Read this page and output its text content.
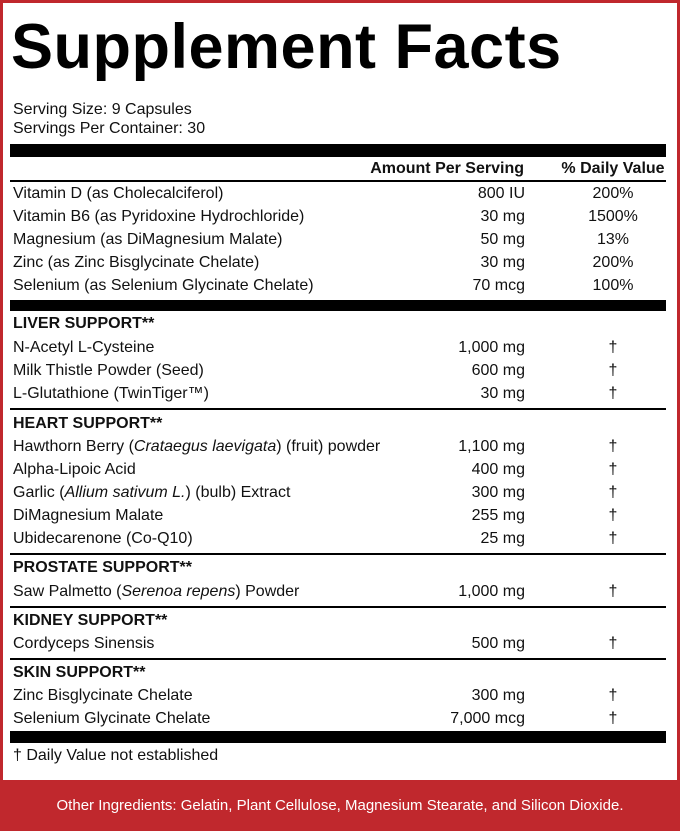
Supplement Facts
Serving Size: 9 Capsules
Servings Per Container: 30
Amount Per Serving	% Daily Value
Vitamin D (as Cholecalciferol)	800 IU	200%
Vitamin B6 (as Pyridoxine Hydrochloride)	30 mg	1500%
Magnesium (as DiMagnesium Malate)	50 mg	13%
Zinc (as Zinc Bisglycinate Chelate)	30 mg	200%
Selenium (as Selenium Glycinate Chelate)	70 mcg	100%
LIVER SUPPORT**
N-Acetyl L-Cysteine	1,000 mg	†
Milk Thistle Powder (Seed)	600 mg	†
L-Glutathione (TwinTiger™)	30 mg	†
HEART SUPPORT**
Hawthorn Berry (Crataegus laevigata) (fruit) powder	1,100 mg	†
Alpha-Lipoic Acid	400 mg	†
Garlic (Allium sativum L.) (bulb) Extract	300 mg	†
DiMagnesium Malate	255 mg	†
Ubidecarenone (Co-Q10)	25 mg	†
PROSTATE SUPPORT**
Saw Palmetto (Serenoa repens) Powder	1,000 mg	†
KIDNEY SUPPORT**
Cordyceps Sinensis	500 mg	†
SKIN SUPPORT**
Zinc Bisglycinate Chelate	300 mg	†
Selenium Glycinate Chelate	7,000 mcg	†
† Daily Value not established
Other Ingredients: Gelatin, Plant Cellulose, Magnesium Stearate, and Silicon Dioxide.
